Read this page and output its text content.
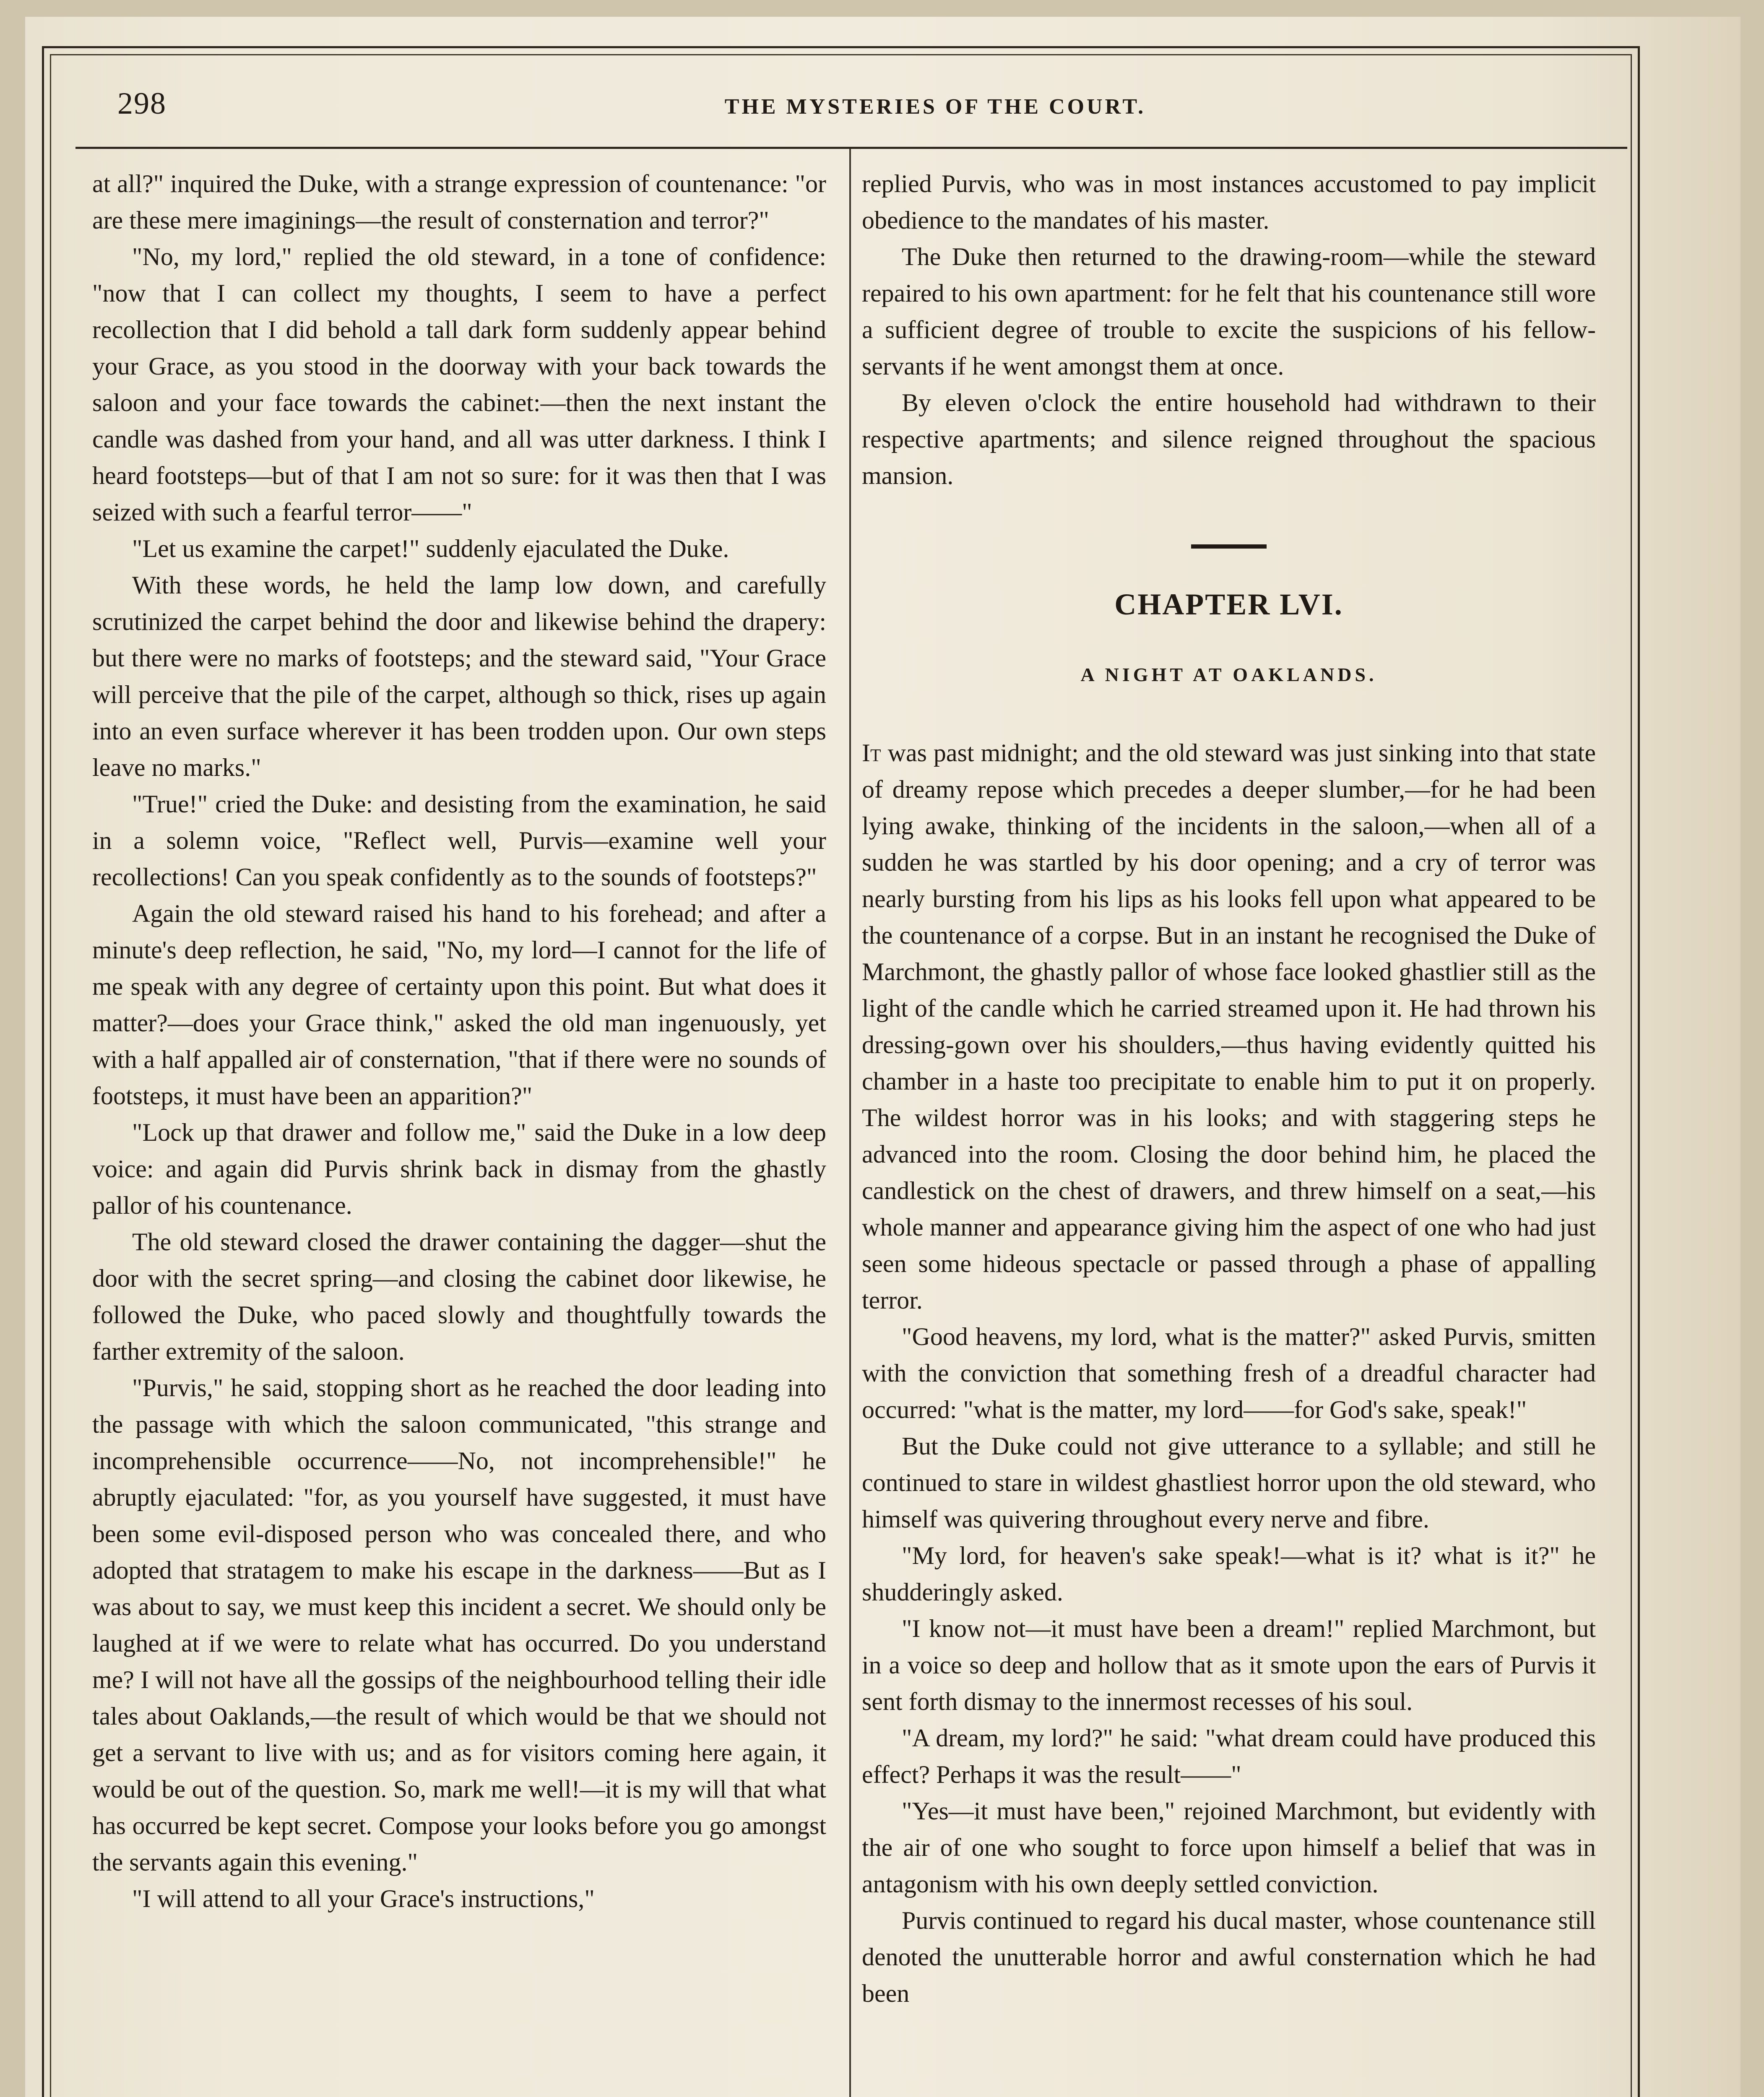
298	THE MYSTERIES OF THE COURT.

at all?" inquired the Duke, with a strange expression of countenance: "or are these mere imaginings—the result of consternation and terror?"

"No, my lord," replied the old steward, in a tone of confidence: "now that I can collect my thoughts, I seem to have a perfect recollection that I did behold a tall dark form suddenly appear behind your Grace, as you stood in the doorway with your back towards the saloon and your face towards the cabinet:—then the next instant the candle was dashed from your hand, and all was utter darkness. I think I heard footsteps—but of that I am not so sure: for it was then that I was seized with such a fearful terror——"

"Let us examine the carpet!" suddenly ejaculated the Duke.

With these words, he held the lamp low down, and carefully scrutinized the carpet behind the door and likewise behind the drapery: but there were no marks of footsteps; and the steward said, "Your Grace will perceive that the pile of the carpet, although so thick, rises up again into an even surface wherever it has been trodden upon. Our own steps leave no marks."

"True!" cried the Duke: and desisting from the examination, he said in a solemn voice, "Reflect well, Purvis—examine well your recollections! Can you speak confidently as to the sounds of footsteps?"

Again the old steward raised his hand to his forehead; and after a minute's deep reflection, he said, "No, my lord—I cannot for the life of me speak with any degree of certainty upon this point. But what does it matter?—does your Grace think," asked the old man ingenuously, yet with a half appalled air of consternation, "that if there were no sounds of footsteps, it must have been an apparition?"

"Lock up that drawer and follow me," said the Duke in a low deep voice: and again did Purvis shrink back in dismay from the ghastly pallor of his countenance.

The old steward closed the drawer containing the dagger—shut the door with the secret spring—and closing the cabinet door likewise, he followed the Duke, who paced slowly and thoughtfully towards the farther extremity of the saloon.

"Purvis," he said, stopping short as he reached the door leading into the passage with which the saloon communicated, "this strange and incomprehensible occurrence——No, not incomprehensible!" he abruptly ejaculated: "for, as you yourself have suggested, it must have been some evil-disposed person who was concealed there, and who adopted that stratagem to make his escape in the darkness——But as I was about to say, we must keep this incident a secret. We should only be laughed at if we were to relate what has occurred. Do you understand me? I will not have all the gossips of the neighbourhood telling their idle tales about Oaklands,—the result of which would be that we should not get a servant to live with us; and as for visitors coming here again, it would be out of the question. So, mark me well!—it is my will that what has occurred be kept secret. Compose your looks before you go amongst the servants again this evening."

"I will attend to all your Grace's instructions,"

replied Purvis, who was in most instances accustomed to pay implicit obedience to the mandates of his master.

The Duke then returned to the drawing-room—while the steward repaired to his own apartment: for he felt that his countenance still wore a sufficient degree of trouble to excite the suspicions of his fellow-servants if he went amongst them at once.

By eleven o'clock the entire household had withdrawn to their respective apartments; and silence reigned throughout the spacious mansion.

CHAPTER LVI.
A NIGHT AT OAKLANDS.

It was past midnight; and the old steward was just sinking into that state of dreamy repose which precedes a deeper slumber,—for he had been lying awake, thinking of the incidents in the saloon,—when all of a sudden he was startled by his door opening; and a cry of terror was nearly bursting from his lips as his looks fell upon what appeared to be the countenance of a corpse. But in an instant he recognised the Duke of Marchmont, the ghastly pallor of whose face looked ghastlier still as the light of the candle which he carried streamed upon it. He had thrown his dressing-gown over his shoulders,—thus having evidently quitted his chamber in a haste too precipitate to enable him to put it on properly. The wildest horror was in his looks; and with staggering steps he advanced into the room. Closing the door behind him, he placed the candlestick on the chest of drawers, and threw himself on a seat,—his whole manner and appearance giving him the aspect of one who had just seen some hideous spectacle or passed through a phase of appalling terror.

"Good heavens, my lord, what is the matter?" asked Purvis, smitten with the conviction that something fresh of a dreadful character had occurred: "what is the matter, my lord——for God's sake, speak!"

But the Duke could not give utterance to a syllable; and still he continued to stare in wildest ghastliest horror upon the old steward, who himself was quivering throughout every nerve and fibre.

"My lord, for heaven's sake speak!—what is it? what is it?" he shudderingly asked.

"I know not—it must have been a dream!" replied Marchmont, but in a voice so deep and hollow that as it smote upon the ears of Purvis it sent forth dismay to the innermost recesses of his soul.

"A dream, my lord?" he said: "what dream could have produced this effect? Perhaps it was the result——"

"Yes—it must have been," rejoined Marchmont, but evidently with the air of one who sought to force upon himself a belief that was in antagonism with his own deeply settled conviction.

Purvis continued to regard his ducal master, whose countenance still denoted the unutterable horror and awful consternation which he had been
